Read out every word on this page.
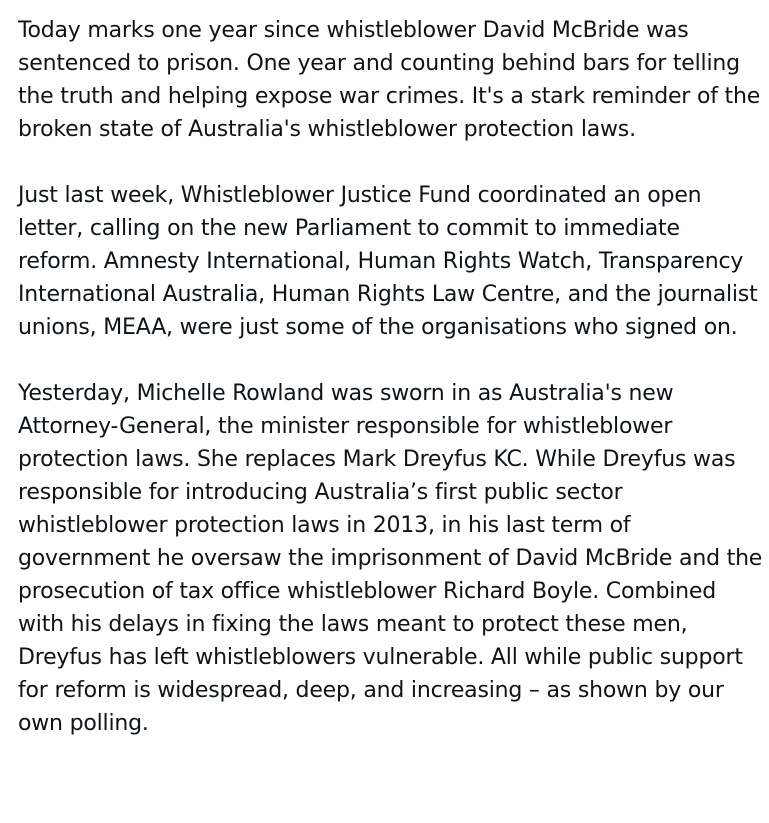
Today marks one year since whistleblower David McBride was sentenced to prison. One year and counting behind bars for telling the truth and helping expose war crimes. It's a stark reminder of the broken state of Australia's whistleblower protection laws.

Just last week, Whistleblower Justice Fund coordinated an open letter, calling on the new Parliament to commit to immediate reform. Amnesty International, Human Rights Watch, Transparency International Australia, Human Rights Law Centre, and the journalist unions, MEAA, were just some of the organisations who signed on.

Yesterday, Michelle Rowland was sworn in as Australia's new Attorney-General, the minister responsible for whistleblower protection laws. She replaces Mark Dreyfus KC. While Dreyfus was responsible for introducing Australia’s first public sector whistleblower protection laws in 2013, in his last term of government he oversaw the imprisonment of David McBride and the prosecution of tax office whistleblower Richard Boyle. Combined with his delays in fixing the laws meant to protect these men, Dreyfus has left whistleblowers vulnerable. All while public support for reform is widespread, deep, and increasing – as shown by our own polling.
